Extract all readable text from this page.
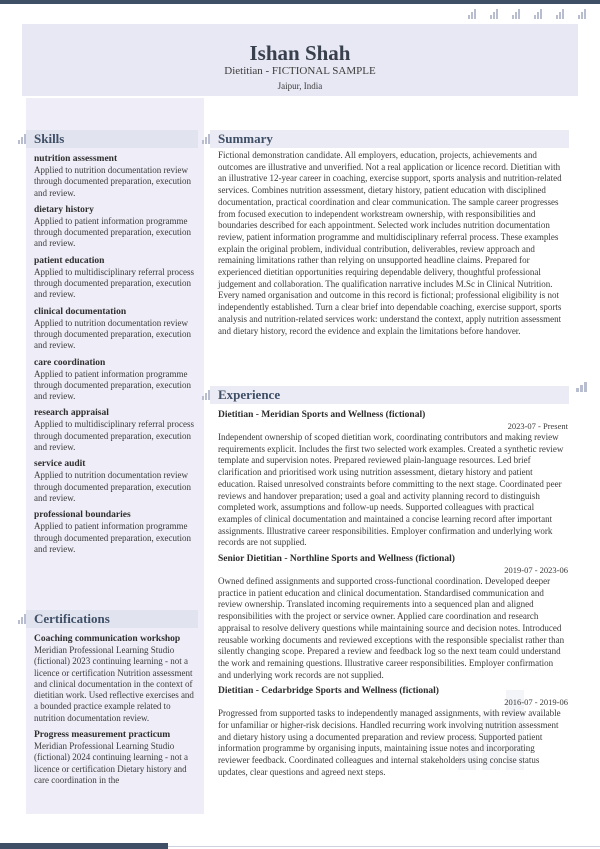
Ishan Shah
Dietitian - FICTIONAL SAMPLE
Jaipur, India
Skills
nutrition assessment
Applied to nutrition documentation review through documented preparation, execution and review.
dietary history
Applied to patient information programme through documented preparation, execution and review.
patient education
Applied to multidisciplinary referral process through documented preparation, execution and review.
clinical documentation
Applied to nutrition documentation review through documented preparation, execution and review.
care coordination
Applied to patient information programme through documented preparation, execution and review.
research appraisal
Applied to multidisciplinary referral process through documented preparation, execution and review.
service audit
Applied to nutrition documentation review through documented preparation, execution and review.
professional boundaries
Applied to patient information programme through documented preparation, execution and review.
Certifications
Coaching communication workshop
Meridian Professional Learning Studio (fictional) 2023 continuing learning - not a licence or certification Nutrition assessment and clinical documentation in the context of dietitian work. Used reflective exercises and a bounded practice example related to nutrition documentation review.
Progress measurement practicum
Meridian Professional Learning Studio (fictional) 2024 continuing learning - not a licence or certification Dietary history and care coordination in the
Summary
Fictional demonstration candidate. All employers, education, projects, achievements and outcomes are illustrative and unverified. Not a real application or licence record. Dietitian with an illustrative 12-year career in coaching, exercise support, sports analysis and nutrition-related services. Combines nutrition assessment, dietary history, patient education with disciplined documentation, practical coordination and clear communication. The sample career progresses from focused execution to independent workstream ownership, with responsibilities and boundaries described for each appointment. Selected work includes nutrition documentation review, patient information programme and multidisciplinary referral process. These examples explain the original problem, individual contribution, deliverables, review approach and remaining limitations rather than relying on unsupported headline claims. Prepared for experienced dietitian opportunities requiring dependable delivery, thoughtful professional judgement and collaboration. The qualification narrative includes M.Sc in Clinical Nutrition. Every named organisation and outcome in this record is fictional; professional eligibility is not independently established. Turn a clear brief into dependable coaching, exercise support, sports analysis and nutrition-related services work: understand the context, apply nutrition assessment and dietary history, record the evidence and explain the limitations before handover.
Experience
Dietitian - Meridian Sports and Wellness (fictional)
2023-07 - Present
Independent ownership of scoped dietitian work, coordinating contributors and making review requirements explicit. Includes the first two selected work examples. Created a synthetic review template and supervision notes. Prepared reviewed plain-language resources. Led brief clarification and prioritised work using nutrition assessment, dietary history and patient education. Raised unresolved constraints before committing to the next stage. Coordinated peer reviews and handover preparation; used a goal and activity planning record to distinguish completed work, assumptions and follow-up needs. Supported colleagues with practical examples of clinical documentation and maintained a concise learning record after important assignments. Illustrative career responsibilities. Employer confirmation and underlying work records are not supplied.
Senior Dietitian - Northline Sports and Wellness (fictional)
2019-07 - 2023-06
Owned defined assignments and supported cross-functional coordination. Developed deeper practice in patient education and clinical documentation. Standardised communication and review ownership. Translated incoming requirements into a sequenced plan and aligned responsibilities with the project or service owner. Applied care coordination and research appraisal to resolve delivery questions while maintaining source and decision notes. Introduced reusable working documents and reviewed exceptions with the responsible specialist rather than silently changing scope. Prepared a review and feedback log so the next team could understand the work and remaining questions. Illustrative career responsibilities. Employer confirmation and underlying work records are not supplied.
Dietitian - Cedarbridge Sports and Wellness (fictional)
2016-07 - 2019-06
Progressed from supported tasks to independently managed assignments, with review available for unfamiliar or higher-risk decisions. Handled recurring work involving nutrition assessment and dietary history using a documented preparation and review process. Supported patient information programme by organising inputs, maintaining issue notes and incorporating reviewer feedback. Coordinated colleagues and internal stakeholders using concise status updates, clear questions and agreed next steps.
